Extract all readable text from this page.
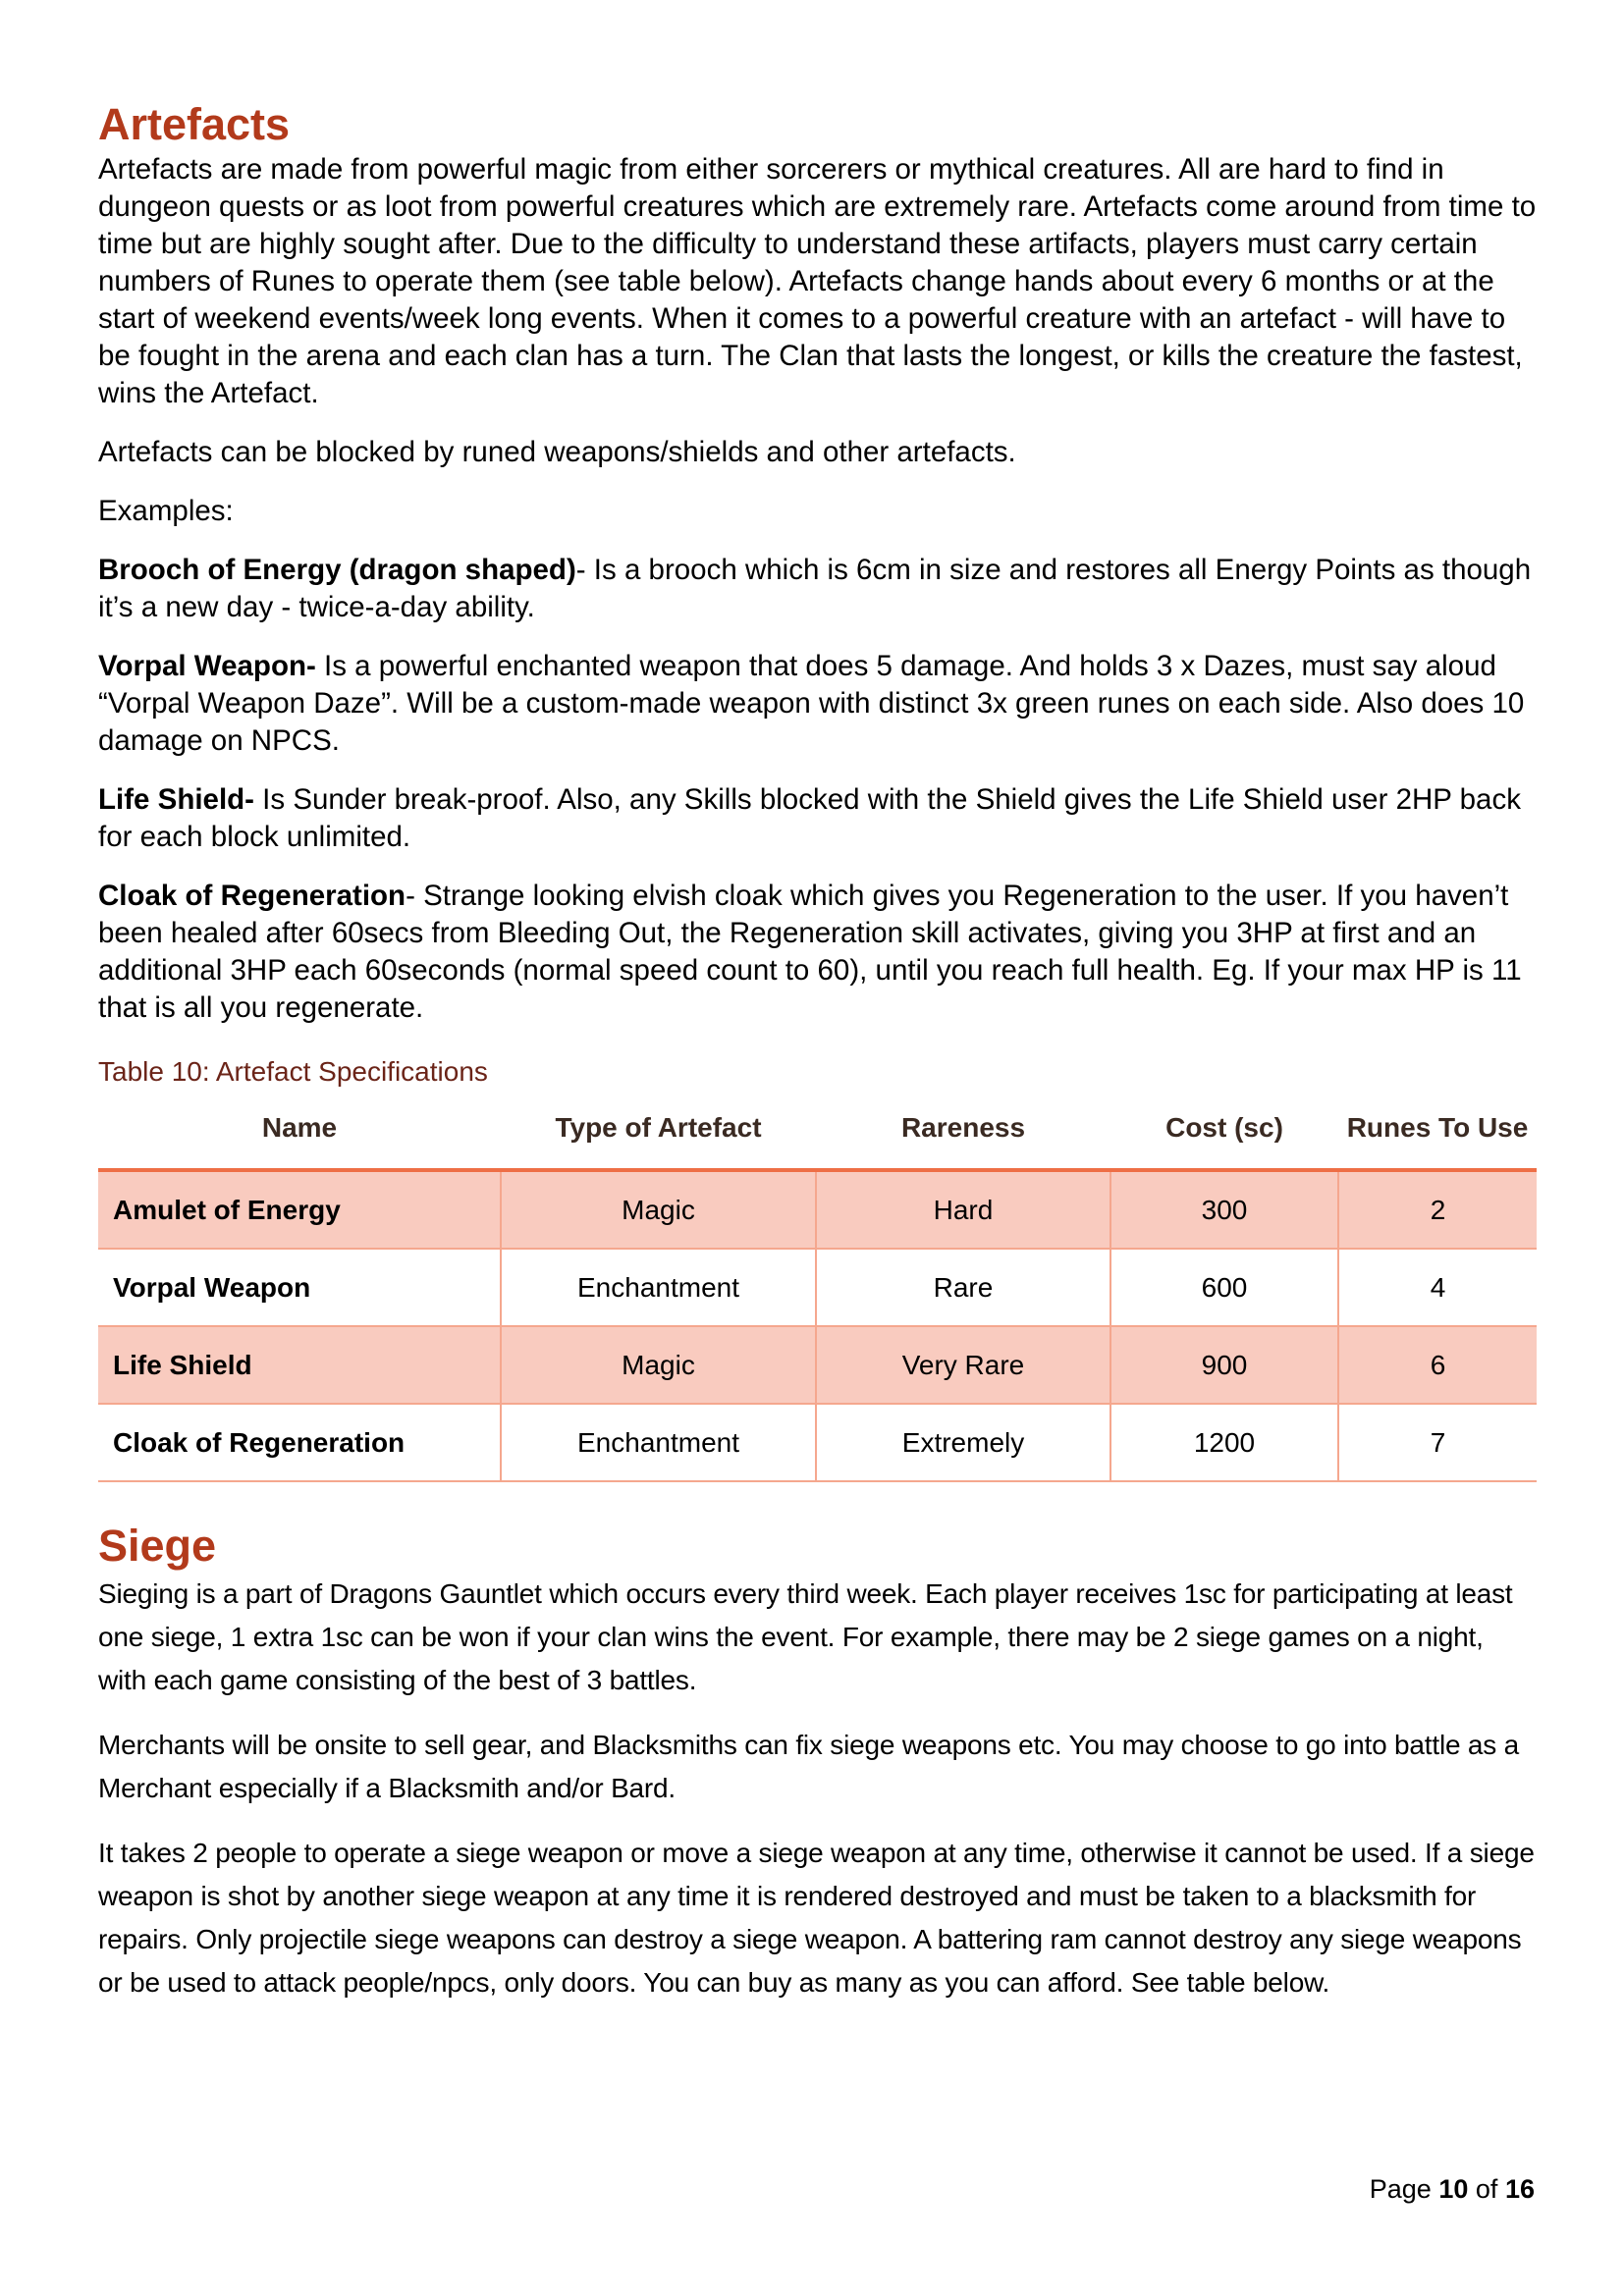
Artefacts

Artefacts are made from powerful magic from either sorcerers or mythical creatures. All are hard to find in dungeon quests or as loot from powerful creatures which are extremely rare. Artefacts come around from time to time but are highly sought after. Due to the difficulty to understand these artifacts, players must carry certain numbers of Runes to operate them (see table below). Artefacts change hands about every 6 months or at the start of weekend events/week long events. When it comes to a powerful creature with an artefact - will have to be fought in the arena and each clan has a turn. The Clan that lasts the longest, or kills the creature the fastest, wins the Artefact.

Artefacts can be blocked by runed weapons/shields and other artefacts.

Examples:

Brooch of Energy (dragon shaped)- Is a brooch which is 6cm in size and restores all Energy Points as though it’s a new day - twice-a-day ability.

Vorpal Weapon- Is a powerful enchanted weapon that does 5 damage. And holds 3 x Dazes, must say aloud “Vorpal Weapon Daze”. Will be a custom-made weapon with distinct 3x green runes on each side. Also does 10 damage on NPCS.

Life Shield- Is Sunder break-proof. Also, any Skills blocked with the Shield gives the Life Shield user 2HP back for each block unlimited.

Cloak of Regeneration- Strange looking elvish cloak which gives you Regeneration to the user. If you haven’t been healed after 60secs from Bleeding Out, the Regeneration skill activates, giving you 3HP at first and an additional 3HP each 60seconds (normal speed count to 60), until you reach full health. Eg. If your max HP is 11 that is all you regenerate.

Table 10: Artefact Specifications
Name	Type of Artefact	Rareness	Cost (sc)	Runes To Use
Amulet of Energy	Magic	Hard	300	2
Vorpal Weapon	Enchantment	Rare	600	4
Life Shield	Magic	Very Rare	900	6
Cloak of Regeneration	Enchantment	Extremely	1200	7
Siege

Sieging is a part of Dragons Gauntlet which occurs every third week. Each player receives 1sc for participating at least one siege, 1 extra 1sc can be won if your clan wins the event. For example, there may be 2 siege games on a night, with each game consisting of the best of 3 battles.

Merchants will be onsite to sell gear, and Blacksmiths can fix siege weapons etc. You may choose to go into battle as a Merchant especially if a Blacksmith and/or Bard.

It takes 2 people to operate a siege weapon or move a siege weapon at any time, otherwise it cannot be used. If a siege weapon is shot by another siege weapon at any time it is rendered destroyed and must be taken to a blacksmith for repairs. Only projectile siege weapons can destroy a siege weapon. A battering ram cannot destroy any siege weapons or be used to attack people/npcs, only doors. You can buy as many as you can afford. See table below.

Page 10 of 16
